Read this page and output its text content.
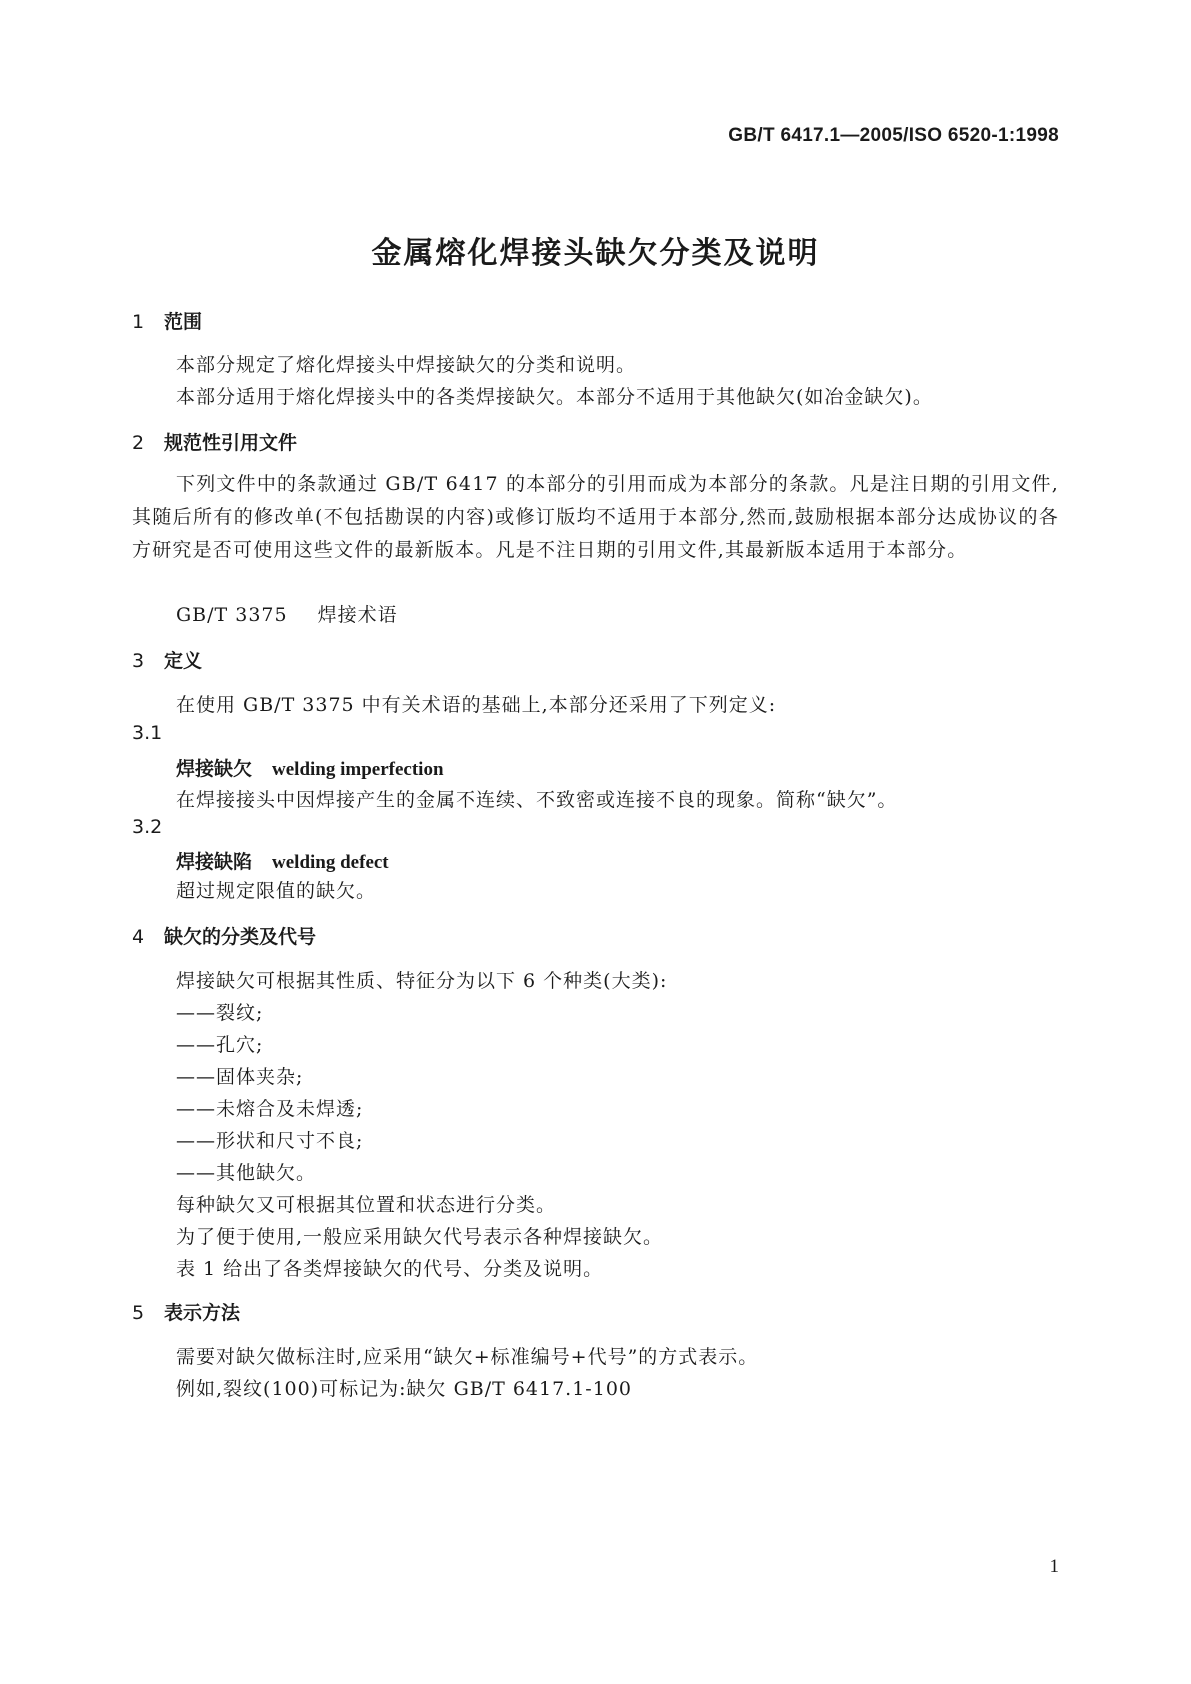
GB/T 6417.1—2005/ISO 6520-1:1998
金属熔化焊接头缺欠分类及说明
1 范围
本部分规定了熔化焊接头中焊接缺欠的分类和说明。
本部分适用于熔化焊接头中的各类焊接缺欠。本部分不适用于其他缺欠(如冶金缺欠)。
2 规范性引用文件
下列文件中的条款通过 GB/T 6417 的本部分的引用而成为本部分的条款。凡是注日期的引用文件,其随后所有的修改单(不包括勘误的内容)或修订版均不适用于本部分,然而,鼓励根据本部分达成协议的各方研究是否可使用这些文件的最新版本。凡是不注日期的引用文件,其最新版本适用于本部分。
GB/T 3375 焊接术语
3 定义
在使用 GB/T 3375 中有关术语的基础上,本部分还采用了下列定义:
3.1
焊接缺欠 welding imperfection
在焊接接头中因焊接产生的金属不连续、不致密或连接不良的现象。简称“缺欠”。
3.2
焊接缺陷 welding defect
超过规定限值的缺欠。
4 缺欠的分类及代号
焊接缺欠可根据其性质、特征分为以下 6 个种类(大类):
——裂纹;
——孔穴;
——固体夹杂;
——未熔合及未焊透;
——形状和尺寸不良;
——其他缺欠。
每种缺欠又可根据其位置和状态进行分类。
为了便于使用,一般应采用缺欠代号表示各种焊接缺欠。
表 1 给出了各类焊接缺欠的代号、分类及说明。
5 表示方法
需要对缺欠做标注时,应采用“缺欠+标准编号+代号”的方式表示。
例如,裂纹(100)可标记为:缺欠 GB/T 6417.1-100
1
